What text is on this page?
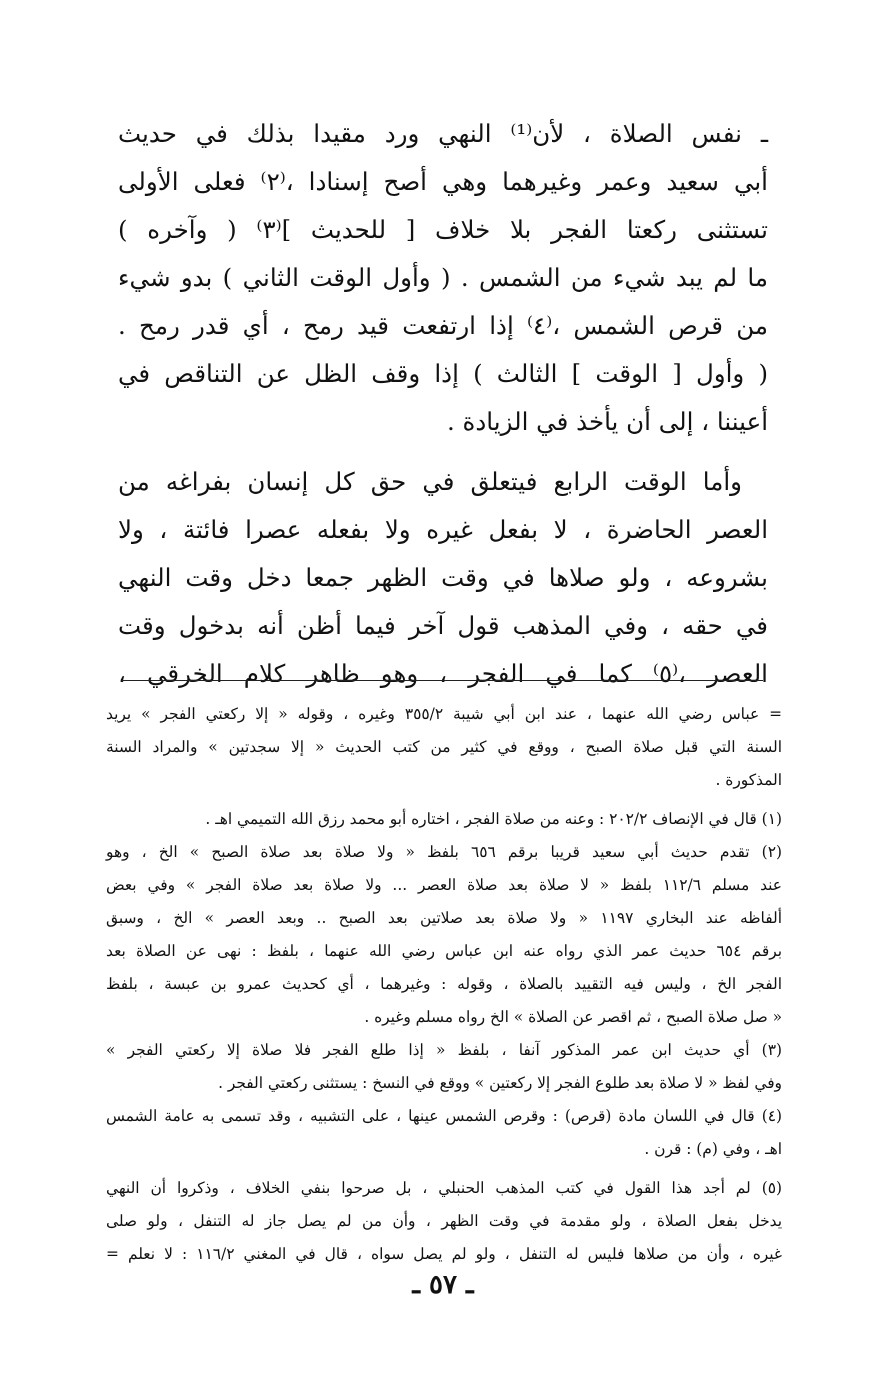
ـ نفس الصلاة ، لأن⁽¹⁾ النهي ورد مقيدا بذلك في حديث
أبي سعيد وعمر وغيرهما وهي أصح إسنادا ،⁽٢⁾ فعلى الأولى
تستثنى ركعتا الفجر بلا خلاف [ للحديث ]⁽٣⁾ ( وآخره )
ما لم يبد شيء من الشمس . ( وأول الوقت الثاني ) بدو شيء
من قرص الشمس ،⁽٤⁾ إذا ارتفعت قيد رمح ، أي قدر رمح .
( وأول [ الوقت ] الثالث ) إذا وقف الظل عن التناقص في
أعيننا ، إلى أن يأخذ في الزيادة .
وأما الوقت الرابع فيتعلق في حق كل إنسان بفراغه من
العصر الحاضرة ، لا بفعل غيره ولا بفعله عصرا فائتة ، ولا
بشروعه ، ولو صلاها في وقت الظهر جمعا دخل وقت النهي
في حقه ، وفي المذهب قول آخر فيما أظن أنه بدخول وقت
العصر ،⁽٥⁾ كما في الفجر ، وهو ظاهر كلام الخرقي ،
= عباس رضي الله عنهما ، عند ابن أبي شيبة ٣٥٥/٢ وغيره ، وقوله « إلا ركعتي الفجر » يريد
السنة التي قبل صلاة الصبح ، ووقع في كثير من كتب الحديث « إلا سجدتين » والمراد السنة
المذكورة .
(١) قال في الإنصاف ٢٠٢/٢ : وعنه من صلاة الفجر ، اختاره أبو محمد رزق الله التميمي اهـ .
(٢) تقدم حديث أبي سعيد قريبا برقم ٦٥٦ بلفظ « ولا صلاة بعد صلاة الصبح » الخ ، وهو
عند مسلم ١١٢/٦ بلفظ « لا صلاة بعد صلاة العصر ... ولا صلاة بعد صلاة الفجر » وفي بعض
ألفاظه عند البخاري ١١٩٧ « ولا صلاة بعد صلاتين بعد الصبح .. وبعد العصر » الخ ، وسبق
برقم ٦٥٤ حديث عمر الذي رواه عنه ابن عباس رضي الله عنهما ، بلفظ : نهى عن الصلاة بعد
الفجر الخ ، وليس فيه التقييد بالصلاة ، وقوله : وغيرهما ، أي كحديث عمرو بن عبسة ، بلفظ
« صل صلاة الصبح ، ثم اقصر عن الصلاة » الخ رواه مسلم وغيره .
(٣) أي حديث ابن عمر المذكور آنفا ، بلفظ « إذا طلع الفجر فلا صلاة إلا ركعتي الفجر »
وفي لفظ « لا صلاة بعد طلوع الفجر إلا ركعتين » ووقع في النسخ : يستثنى ركعتي الفجر .
(٤) قال في اللسان مادة (قرص) : وقرص الشمس عينها ، على التشبيه ، وقد تسمى به عامة الشمس
اهـ ، وفي (م) : قرن .
(٥) لم أجد هذا القول في كتب المذهب الحنبلي ، بل صرحوا بنفي الخلاف ، وذكروا أن النهي
يدخل بفعل الصلاة ، ولو مقدمة في وقت الظهر ، وأن من لم يصل جاز له التنفل ، ولو صلى
غيره ، وأن من صلاها فليس له التنفل ، ولو لم يصل سواه ، قال في المغني ١١٦/٢ : لا نعلم =
ـ ٥٧ ـ
